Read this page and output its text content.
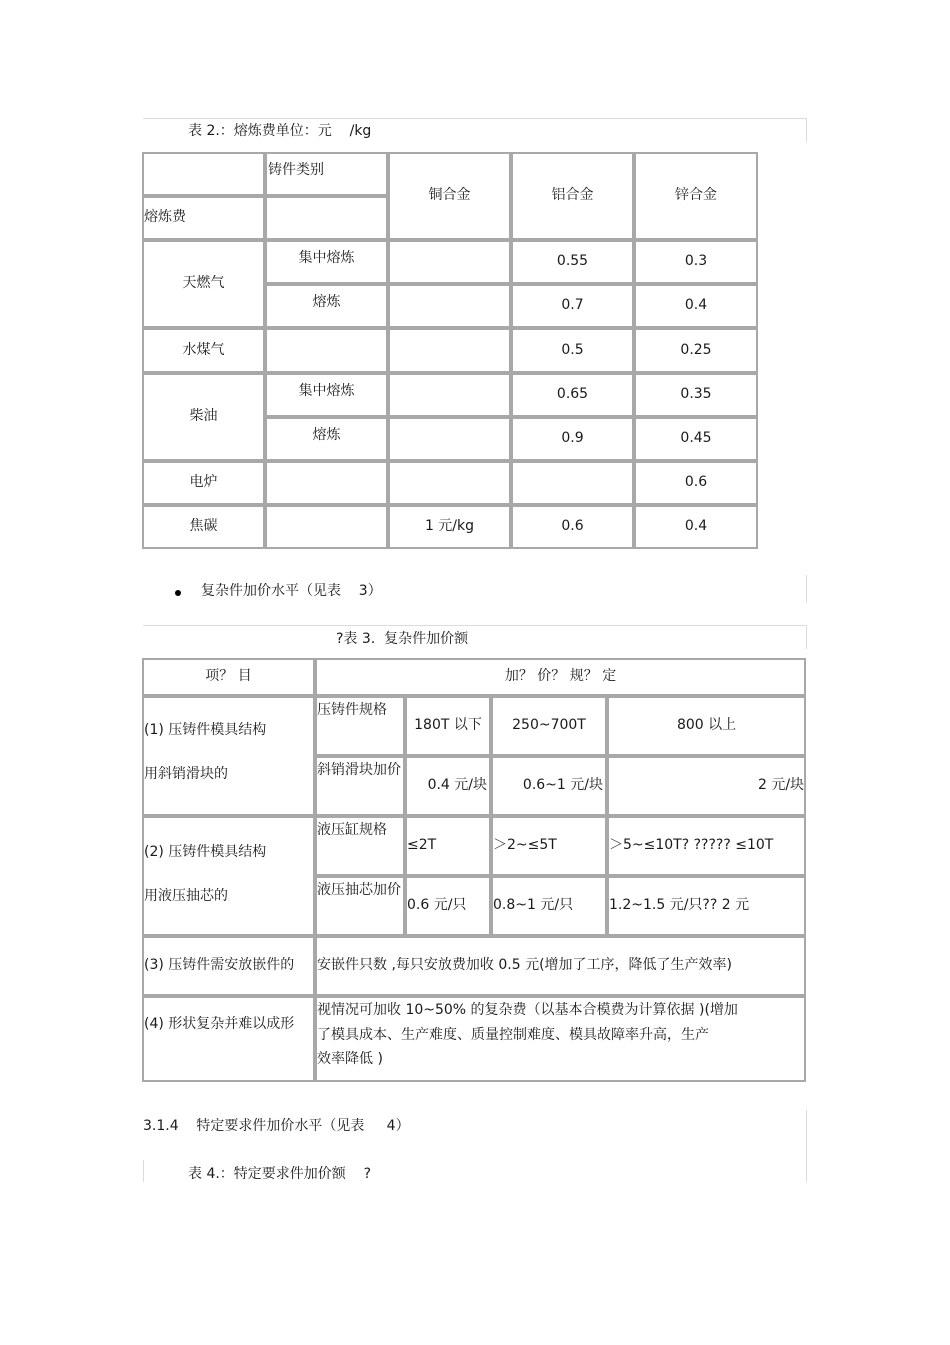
表 2.：熔炼费单位：元    /kg
	铸件类别	铜合金	铝合金	锌合金
熔炼费				
天燃气	集中熔炼		0.55	0.3
	熔炼		0.7	0.4
水煤气			0.5	0.25
柴油	集中熔炼		0.65	0.35
	熔炼		0.9	0.45
电炉				0.6
焦碳		1 元/kg	0.6	0.4
复杂件加价水平（见表    3）
?表 3.  复杂件加价额
项？ 目	加？ 价？ 规？ 定			

(1) 压铸件模具结构
用斜销滑块的	压铸件规格	180T 以下	250~700T	800 以上
	斜销滑块加价	0.4 元/块	0.6~1 元/块	2 元/块

(2) 压铸件模具结构
用液压抽芯的	液压缸规格	≤2T	＞2~≤5T	＞5~≤10T? ????? ≤10T
	液压抽芯加价	0.6 元/只	0.8~1 元/只	1.2~1.5 元/只?? 2 元
(3) 压铸件需安放嵌件的	安嵌件只数 ,每只安放费加收 0.5 元(增加了工序，降低了生产效率)			
(4) 形状复杂并难以成形	视情况可加收 10~50% 的复杂费（以基本合模费为计算依据 )(增加
了模具成本、生产难度、质量控制难度、模具故障率升高，生产
效率降低 )			
3.1.4    特定要求件加价水平（见表     4）
表 4.：特定要求件加价额    ?
